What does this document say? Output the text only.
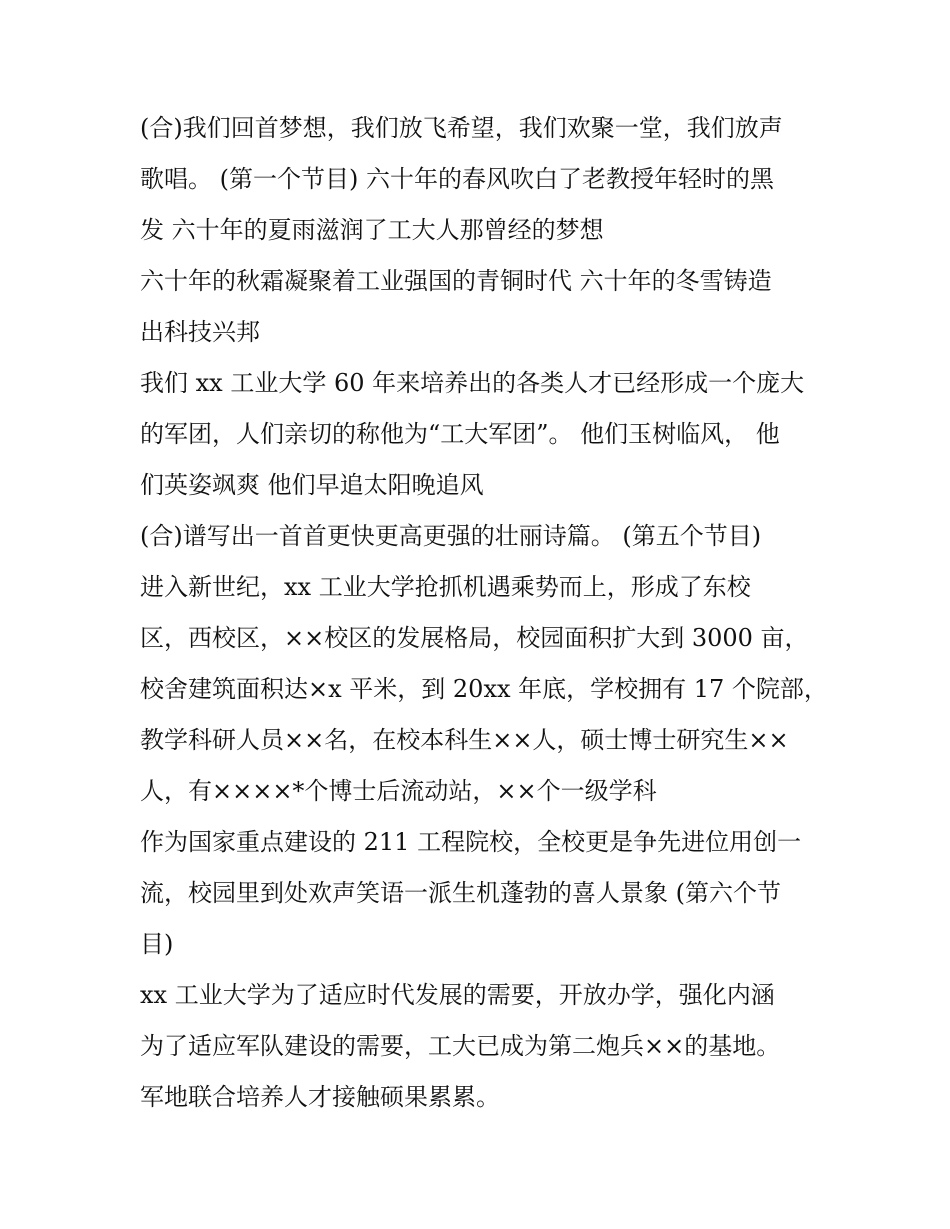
(合)我们回首梦想，我们放飞希望，我们欢聚一堂，我们放声
歌唱。 (第一个节目) 六十年的春风吹白了老教授年轻时的黑
发 六十年的夏雨滋润了工大人那曾经的梦想
六十年的秋霜凝聚着工业强国的青铜时代 六十年的冬雪铸造
出科技兴邦
我们 xx 工业大学 60 年来培养出的各类人才已经形成一个庞大
的军团，人们亲切的称他为“工大军团”。 他们玉树临风， 他
们英姿飒爽 他们早追太阳晚追风
(合)谱写出一首首更快更高更强的壮丽诗篇。 (第五个节目)
进入新世纪，xx 工业大学抢抓机遇乘势而上，形成了东校
区，西校区，××校区的发展格局，校园面积扩大到 3000 亩，
校舍建筑面积达×x 平米，到 20xx 年底，学校拥有 17 个院部，
教学科研人员××名，在校本科生××人，硕士博士研究生××
人，有××××*个博士后流动站，××个一级学科
作为国家重点建设的 211 工程院校，全校更是争先进位用创一
流，校园里到处欢声笑语一派生机蓬勃的喜人景象 (第六个节
目)
xx 工业大学为了适应时代发展的需要，开放办学，强化内涵
为了适应军队建设的需要，工大已成为第二炮兵××的基地。
军地联合培养人才接触硕果累累。
